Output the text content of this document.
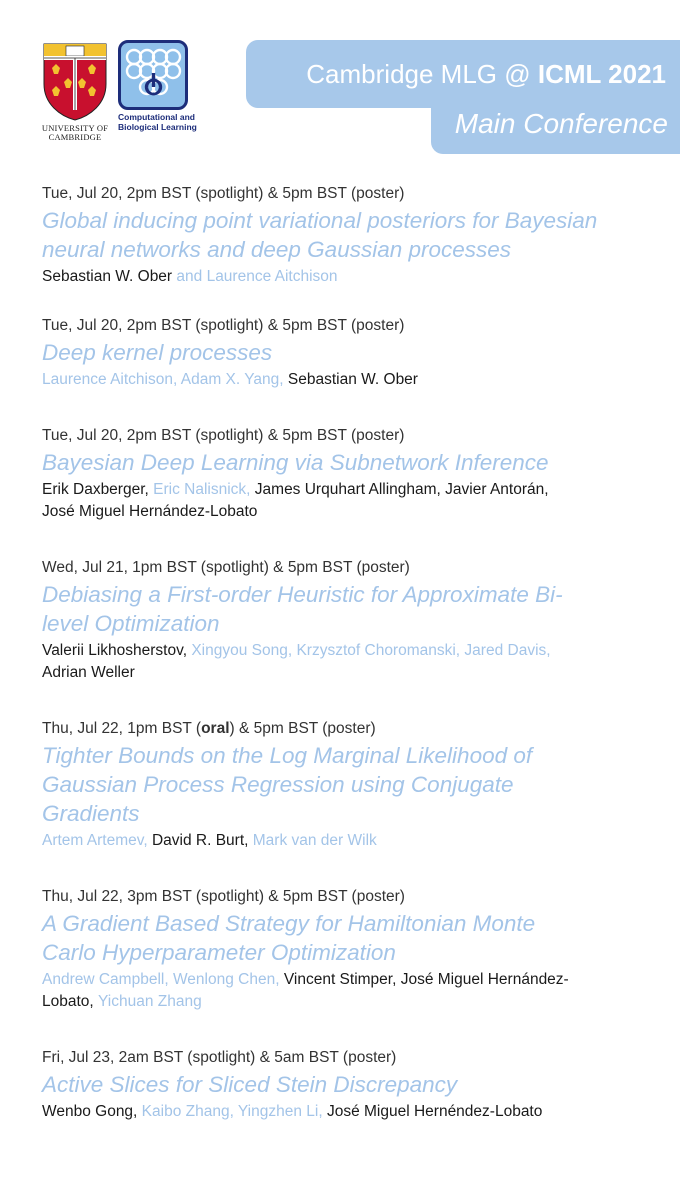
UNIVERSITY OF
CAMBRIDGE
Computational and
Biological Learning
Cambridge MLG @ ICML 2021
Main Conference
Tue, Jul 20, 2pm BST (spotlight) & 5pm BST (poster)
Global inducing point variational posteriors for Bayesian
neural networks and deep Gaussian processes
Sebastian W. Ober and Laurence Aitchison
Tue, Jul 20, 2pm BST (spotlight) & 5pm BST (poster)
Deep kernel processes
Laurence Aitchison, Adam X. Yang, Sebastian W. Ober
Tue, Jul 20, 2pm BST (spotlight) & 5pm BST (poster)
Bayesian Deep Learning via Subnetwork Inference
Erik Daxberger, Eric Nalisnick, James Urquhart Allingham, Javier Antorán,
José Miguel Hernández-Lobato
Wed, Jul 21, 1pm BST (spotlight) & 5pm BST (poster)
Debiasing a First-order Heuristic for Approximate Bi-
level Optimization
Valerii Likhosherstov, Xingyou Song, Krzysztof Choromanski, Jared Davis,
Adrian Weller
Thu, Jul 22, 1pm BST (oral) & 5pm BST (poster)
Tighter Bounds on the Log Marginal Likelihood of
Gaussian Process Regression using Conjugate
Gradients
Artem Artemev, David R. Burt, Mark van der Wilk
Thu, Jul 22, 3pm BST (spotlight) & 5pm BST (poster)
A Gradient Based Strategy for Hamiltonian Monte
Carlo Hyperparameter Optimization
Andrew Campbell, Wenlong Chen, Vincent Stimper, José Miguel Hernández-
Lobato, Yichuan Zhang
Fri, Jul 23, 2am BST (spotlight) & 5am BST (poster)
Active Slices for Sliced Stein Discrepancy
Wenbo Gong, Kaibo Zhang, Yingzhen Li, José Miguel Hernéndez-Lobato
